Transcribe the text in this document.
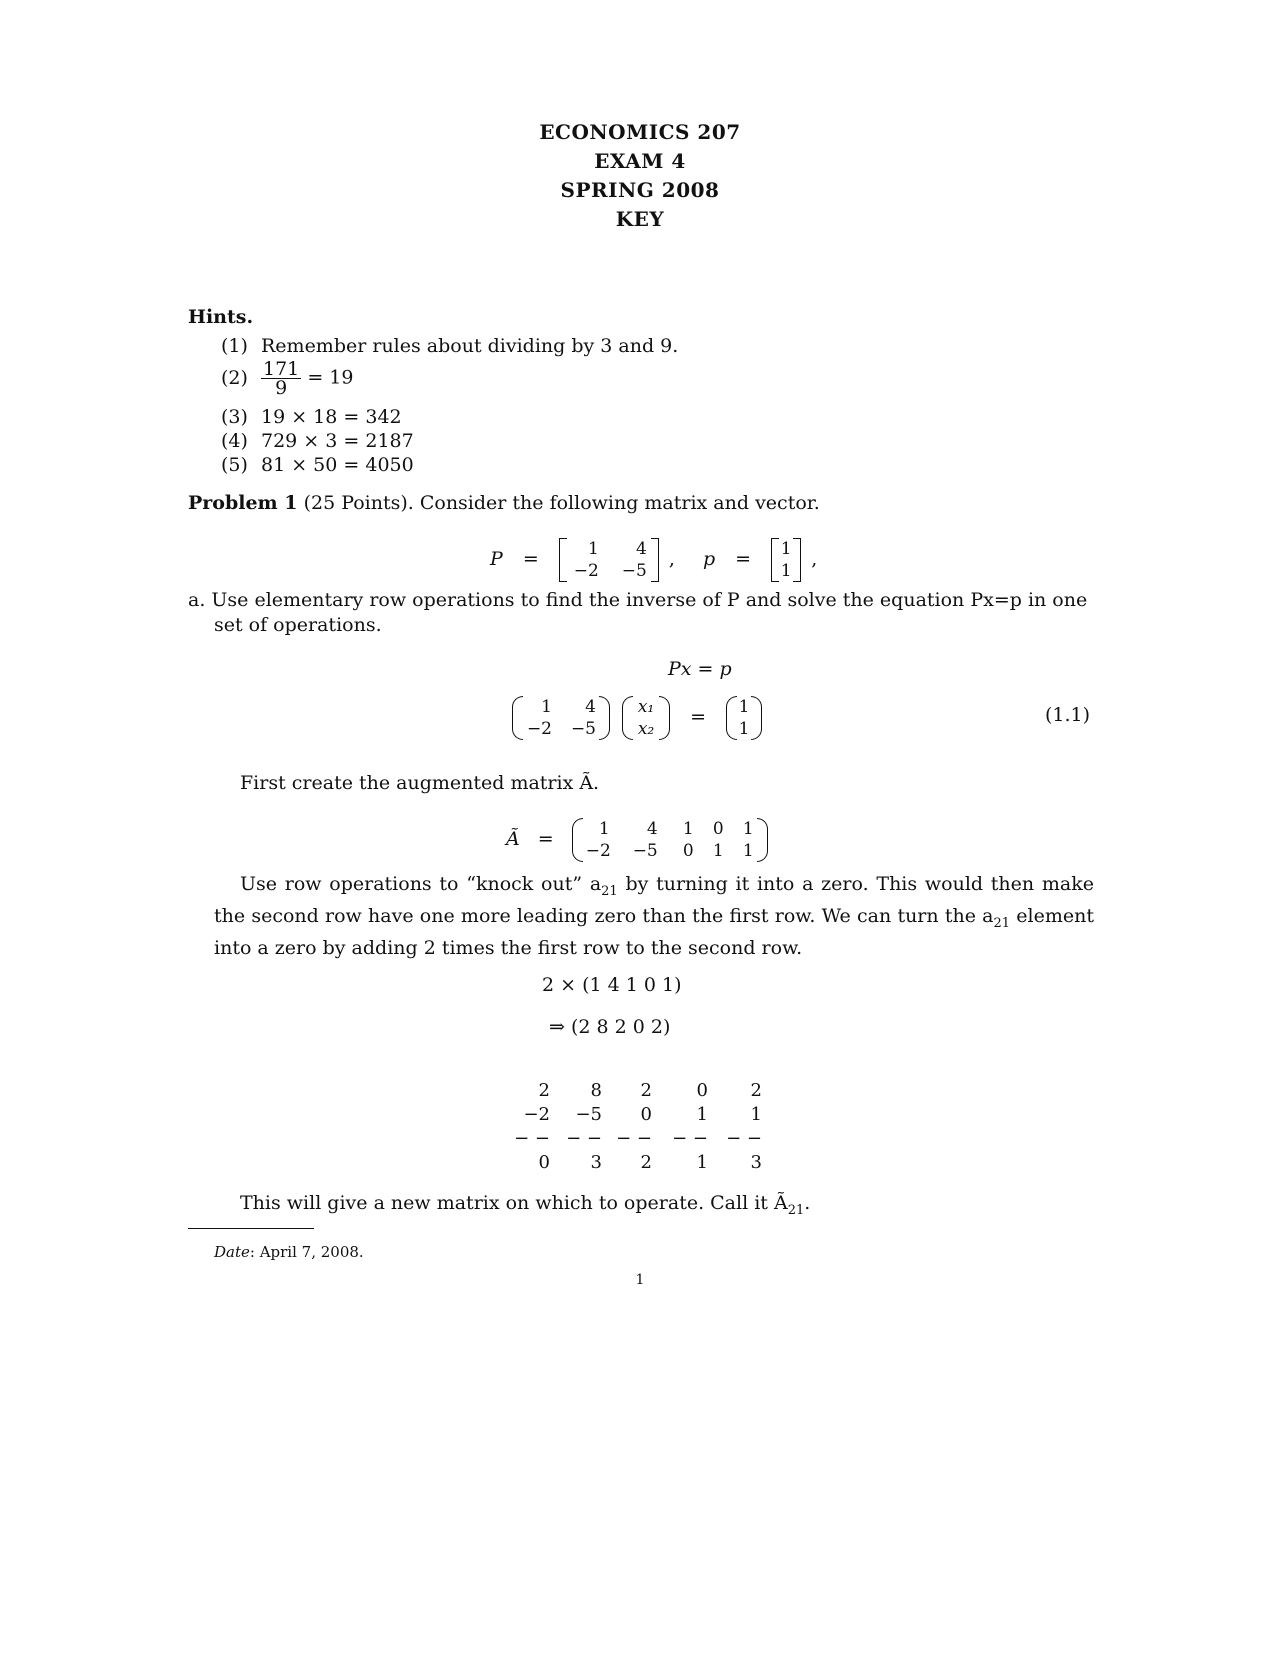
ECONOMICS 207
EXAM 4
SPRING 2008
KEY
Hints.
(1) Remember rules about dividing by 3 and 9.
$(2) \frac{171}{9} = 19$
(3) 19 × 18 = 342
(4) 729 × 3 = 2187
(5) 81 × 50 = 4050
Problem 1 (25 Points). Consider the following matrix and vector.
P =	1	4
−2	−5
, p = 1
1
,
a. Use elementary row operations to find the inverse of P and solve the equation Px=p in one set of operations.
Px = p
1	4
−2	−5

x₁
x₂
= 1
1
(1.1)
First create the augmented matrix Ã.
Ã =	1	4	1	0	1
−2	−5	0	1	1
Use row operations to “knock out” $a_{21}$ by turning it into a zero. This would then make the second row have one more leading zero than the first row. We can turn the $a_{21}$ element into a zero by adding 2 times the first row to the second row.
2 × (1 4 1 0 1)
⇒ (2 8 2 0 2)
2	8	2	0	2
−2	−5	0	1	1
− −	− −	− −	− −	− −
0	3	2	1	3
This will give a new matrix on which to operate. Call it $Ã_{21}$.
Date: April 7, 2008.
1
